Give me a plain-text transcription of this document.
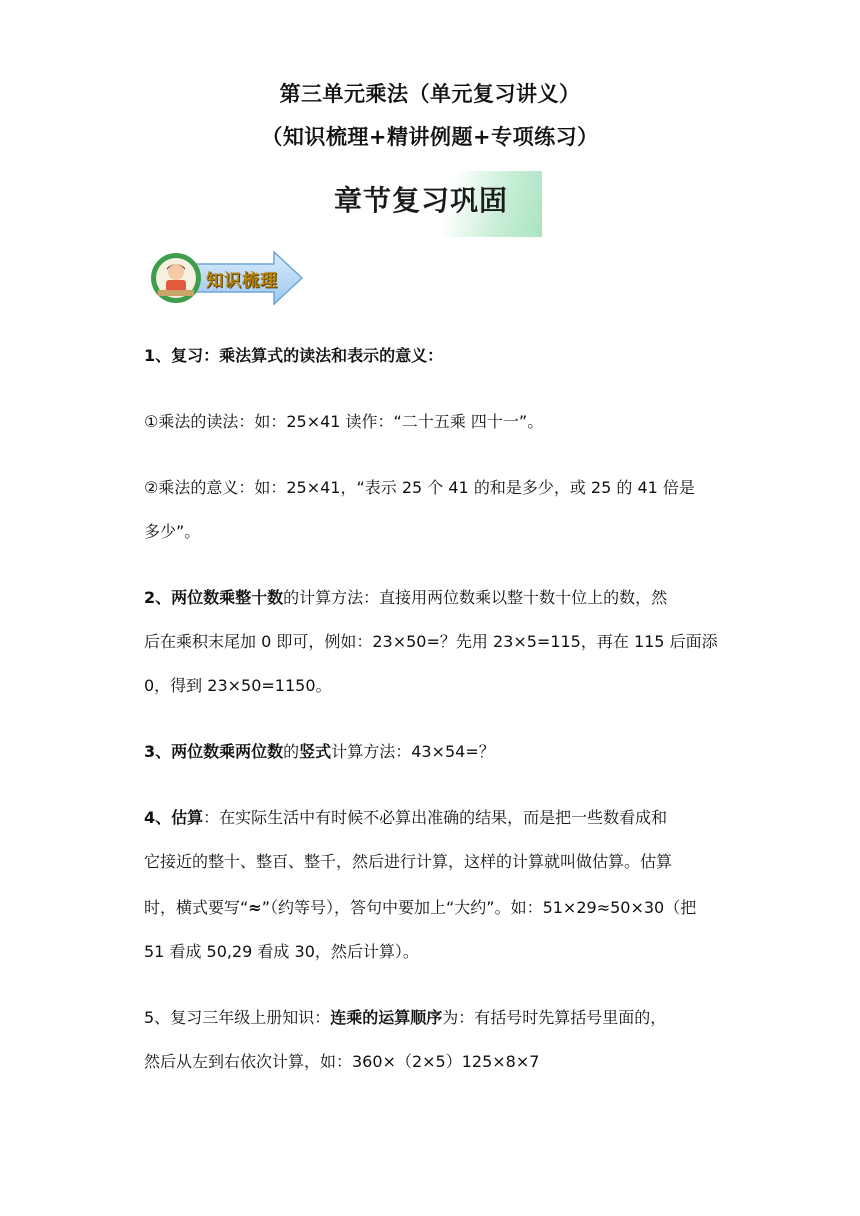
第三单元乘法（单元复习讲义）
（知识梳理+精讲例题+专项练习）
章节复习巩固
知识梳理
1、复习：乘法算式的读法和表示的意义：
①乘法的读法：如：25×41 读作：“二十五乘 四十一”。
②乘法的意义：如：25×41，“表示 25 个 41 的和是多少，或 25 的 41 倍是
多少”。
2、两位数乘整十数的计算方法：直接用两位数乘以整十数十位上的数，然
后在乘积末尾加 0 即可，例如：23×50=？先用 23×5=115，再在 115 后面添
0，得到 23×50=1150。
3、两位数乘两位数的竖式计算方法：43×54=？
4、估算：在实际生活中有时候不必算出准确的结果，而是把一些数看成和
它接近的整十、整百、整千，然后进行计算，这样的计算就叫做估算。估算
时，横式要写“≈”（约等号），答句中要加上“大约”。如：51×29≈50×30（把
51 看成 50,29 看成 30，然后计算）。
5、复习三年级上册知识：连乘的运算顺序为：有括号时先算括号里面的，
然后从左到右依次计算，如：360×（2×5）125×8×7
